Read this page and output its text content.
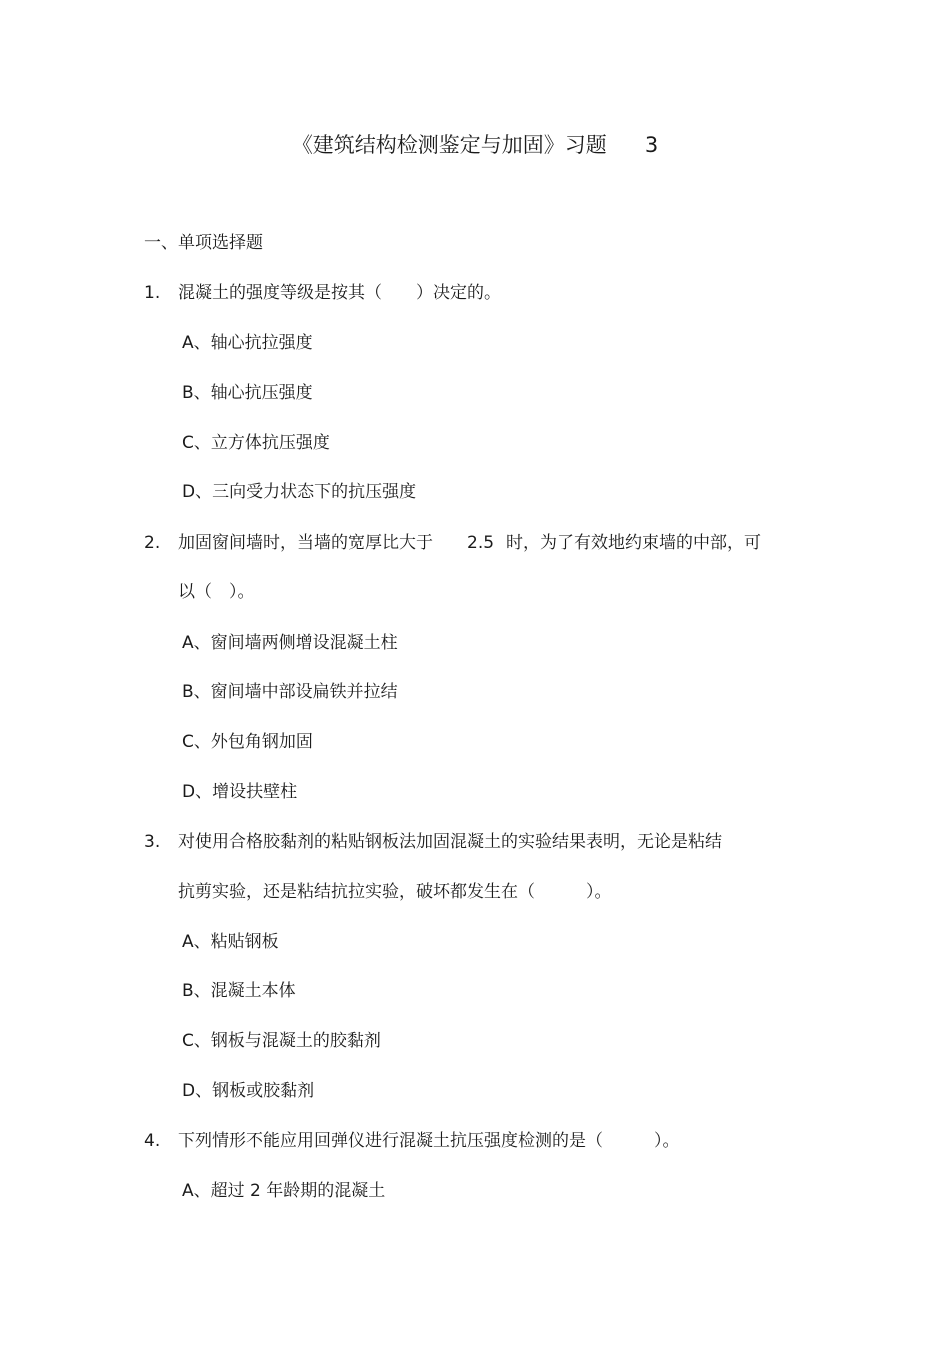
《建筑结构检测鉴定与加固》习题 3
一、单项选择题
1. 混凝土的强度等级是按其（　　）决定的。
A、轴心抗拉强度
B、轴心抗压强度
C、立方体抗压强度
D、三向受力状态下的抗压强度
2. 加固窗间墙时，当墙的宽厚比大于 2.5 时，为了有效地约束墙的中部，可
以（　）。
A、窗间墙两侧增设混凝土柱
B、窗间墙中部设扁铁并拉结
C、外包角钢加固
D、增设扶壁柱
3. 对使用合格胶黏剂的粘贴钢板法加固混凝土的实验结果表明，无论是粘结
抗剪实验，还是粘结抗拉实验，破坏都发生在（　　　）。
A、粘贴钢板
B、混凝土本体
C、钢板与混凝土的胶黏剂
D、钢板或胶黏剂
4. 下列情形不能应用回弹仪进行混凝土抗压强度检测的是（　　　）。
A、超过 2 年龄期的混凝土
